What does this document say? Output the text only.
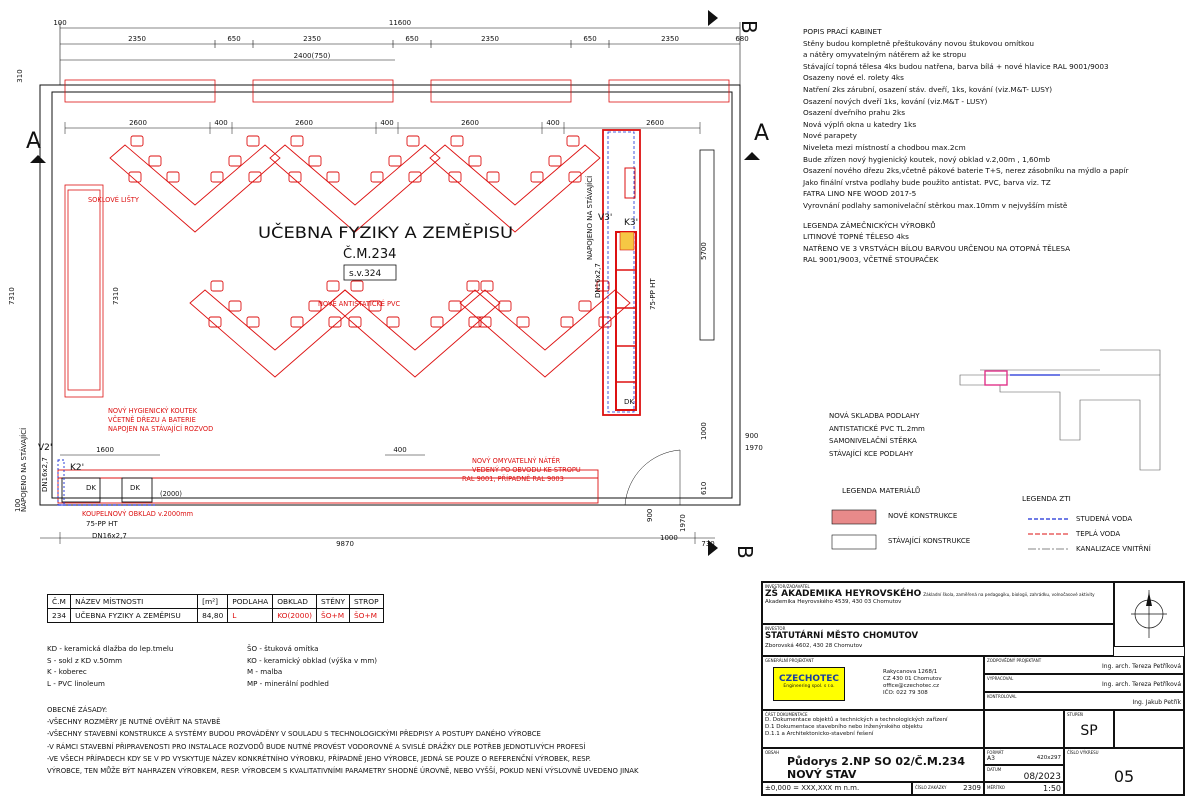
11600
100
2350	650	2350	650	2350	650	2350	680
2400(750)
310
2600	400	2600	400	2600	400	2600
A	A
B
B
9870	730
900
1000
1970
1600	400
7310	7310
100
5700
1000	900
1970
610
UČEBNA FYZIKY A ZEMĚPISU
Č.M.234
s.v.324
SOKLOVÉ LIŠTY
NOVÉ ANTISTATICKÉ PVC
NOVÝ HYGIENICKÝ KOUTEK
VČETNĚ DŘEZU A BATERIE
NAPOJEN NA STÁVAJÍCÍ ROZVOD
NOVÝ OMYVATELNÝ NÁTĚR
VEDENÝ PO OBVODU KE STROPU
RAL 9001, PŘÍPADNĚ RAL 9003
KOUPELNOVÝ OBKLAD v.2000mm
(2000)
75-PP HT
DN16x2,7
DN16x2,7
NAPOJENO NA STÁVAJÍCÍ
NAPOJENO NA STÁVAJÍCÍ
DN16x2,7	75-PP HT
V2'
K2'
V3' K3'
DK	DK
DK
POPIS PRACÍ KABINET
Stěny budou kompletně přeštukovány novou štukovou omítkou
a nátěry omyvatelným nátěrem až ke stropu
Stávající topná tělesa 4ks budou natřena, barva bílá + nové hlavice RAL 9001/9003
Osazeny nové el. rolety 4ks
Natření 2ks zárubní, osazení stáv. dveří, 1ks, kování (viz.M&T- LUSY)
Osazení nových dveří 1ks, kování (viz.M&T - LUSY)
Osazení dveřního prahu 2ks
Nová výplň okna u katedry 1ks
Nové parapety
Niveleta mezi místností a chodbou max.2cm
Bude zřízen nový hygienický koutek, nový obklad v.2,00m , 1,60mb
Osazení nového dřezu 2ks,včetně pákové baterie T+S, nerez zásobníku na mýdlo a papír
Jako finální vrstva podlahy bude použito antistat. PVC, barva viz. TZ
FATRA LINO NFE WOOD 2017-5
Vyrovnání podlahy samonivelační stěrkou max.10mm v nejvyšším místě
LEGENDA ZÁMEČNICKÝCH VÝROBKŮ
LITINOVÉ TOPNÉ TĚLESO 4ks
NATŘENO VE 3 VRSTVÁCH BÍLOU BARVOU URČENOU NA OTOPNÁ TĚLESA
RAL 9001/9003, VČETNĚ STOUPAČEK
NOVÁ SKLADBA PODLAHY
ANTISTATICKÉ PVC TL.2mm
SAMONIVELAČNÍ STĚRKA
STÁVAJÍCÍ KCE PODLAHY
LEGENDA MATERIÁLŮ
NOVÉ KONSTRUKCE
STÁVAJÍCÍ KONSTRUKCE
LEGENDA ZTI
STUDENÁ VODA
TEPLÁ VODA
KANALIZACE VNITŘNÍ
Č.M	NÁZEV MÍSTNOSTI	[m²]	PODLAHA	OBKLAD	STĚNY	STROP
234	UČEBNA FYZIKY A ZEMĚPISU	84,80	L	KO(2000)	ŠO+M	ŠO+M
KD - keramická dlažba do lep.tmelu
S - sokl z KD v.50mm
K - koberec
L - PVC linoleum
ŠO - štuková omítka
KO - keramický obklad (výška v mm)
M - malba
MP - minerální podhled
OBECNÉ ZÁSADY:
-VŠECHNY ROZMĚRY JE NUTNÉ OVĚŘIT NA STAVBĚ
-VŠECHNY STAVEBNÍ KONSTRUKCE A SYSTÉMY BUDOU PROVÁDĚNY V SOULADU S TECHNOLOGICKÝMI PŘEDPISY A POSTUPY DANÉHO VÝROBCE
-V RÁMCI STAVEBNÍ PŘIPRAVENOSTI PRO INSTALACE ROZVODŮ BUDE NUTNÉ PROVÉST VODOROVNÉ A SVISLÉ DRÁŽKY DLE POTŘEB JEDNOTLIVÝCH PROFESÍ
-VE VŠECH PŘÍPADECH KDY SE V PD VYSKYTUJE NÁZEV KONKRÉTNÍHO VÝROBKU, PŘÍPADNĚ JEHO VÝROBCE, JEDNÁ SE POUZE O REFERENČNÍ VÝROBEK, RESP.
VÝROBCE, TEN MŮŽE BÝT NAHRAZEN VÝROBKEM, RESP. VÝROBCEM S KVALITATIVNÍMI PARAMETRY SHODNÉ ÚROVNĚ, NEBO VYŠŠÍ, POKUD NENÍ VÝSLOVNĚ UVEDENO JINAK
INVESTOR/ZADAVATEL
ZŠ AKADEMIKA HEYROVSKÉHO Základní škola, zaměřená na pedagogiku, biologii, zahrádku, volnočasové aktivity
Akademika Heyrovského 4539, 430 03 Chomutov
INVESTOR
STATUTÁRNÍ MĚSTO CHOMUTOV
Zborovská 4602, 430 28 Chomutov
GENERÁLNÍ PROJEKTANT
CZECHOTEC
Engineering spol. s r.o.
Rakycanova 1268/1
CZ 430 01 Chomutov
office@czechotec.cz
IČO: 022 79 308
ZODPOVĚDNÝ PROJEKTANT
Ing. arch. Tereza Petříková
VYPRACOVAL
Ing. arch. Tereza Petříková
KONTROLOVAL
Ing. Jakub Petřík
ČÁST DOKUMENTACE
D. Dokumentace objektů a technických a technologických zařízení
D.1 Dokumentace stavebního nebo inženýrského objektu
D.1.1 a Architektonicko-stavební řešení
STUPEŇ
SP
OBSAH
Půdorys 2.NP SO 02/Č.M.234
NOVÝ STAV
FORMÁT
A3	420x297
DATUM
08/2023
ČÍSLO VÝKRESU
05
MĚŘÍTKO	1:50
±0,000 = XXX,XXX m n.m.	ČÍSLO ZAKÁZKY 2309
